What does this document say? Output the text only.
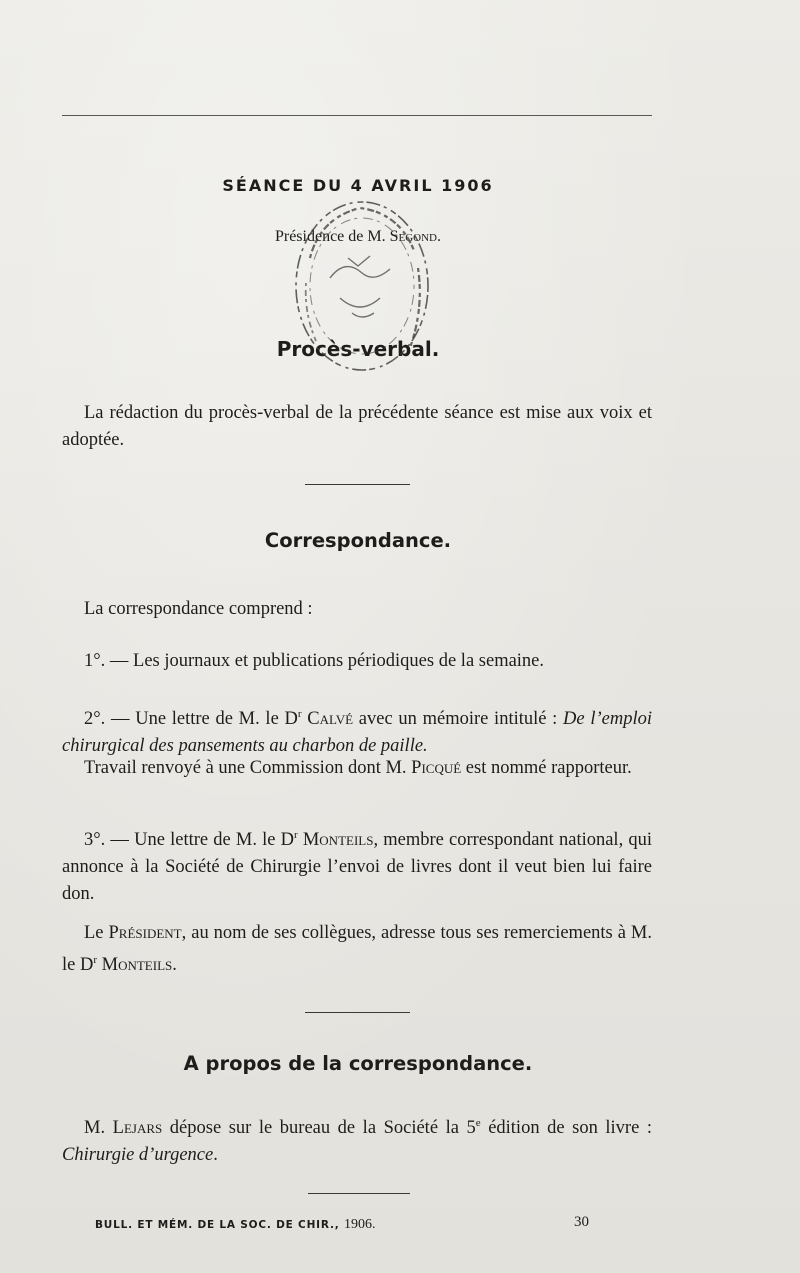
SÉANCE DU 4 AVRIL 1906
Présidence de M. Segond.
Procès-verbal.
La rédaction du procès-verbal de la précédente séance est mise aux voix et adoptée.
Correspondance.
La correspondance comprend :
1°. — Les journaux et publications périodiques de la semaine.
2°. — Une lettre de M. le $D^r$ Calvé avec un mémoire intitulé : De l’emploi chirurgical des pansements au charbon de paille.
Travail renvoyé à une Commission dont M. Picqué est nommé rapporteur.
3°. — Une lettre de M. le $D^r$ Monteils, membre correspondant national, qui annonce à la Société de Chirurgie l’envoi de livres dont il veut bien lui faire don.
Le Président, au nom de ses collègues, adresse tous ses remerciements à M. le $D^r$ Monteils.
A propos de la correspondance.
M. Lejars dépose sur le bureau de la Société la 5e édition de son livre : Chirurgie d’urgence.
BULL. ET MÉM. DE LA SOC. DE CHIR., 1906.	30
